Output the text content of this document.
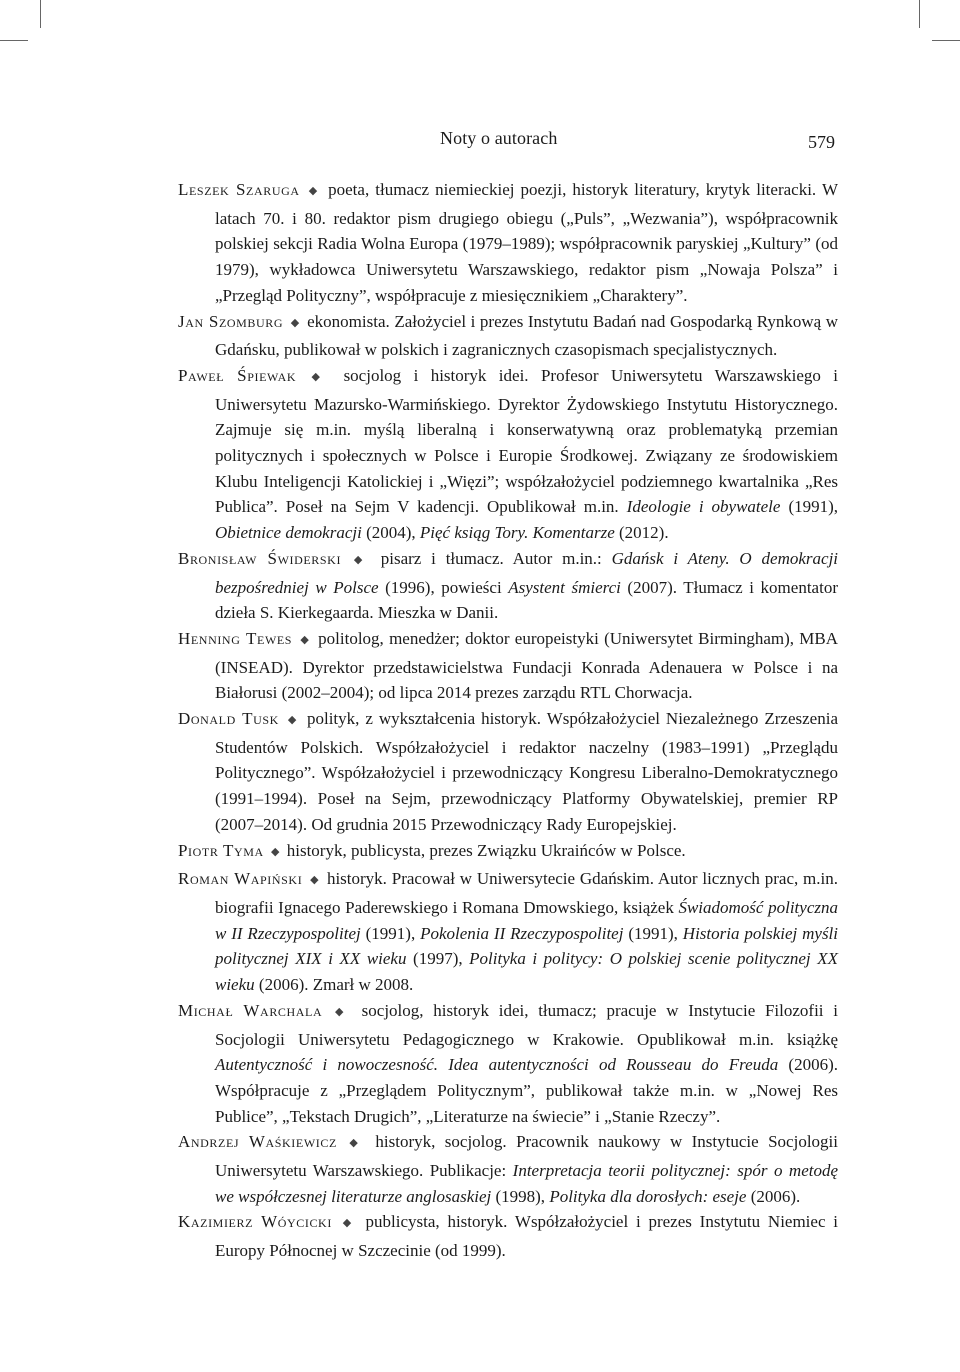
Noty o autorach	579
Leszek Szaruga ◆ poeta, tłumacz niemieckiej poezji, historyk literatury, krytyk literacki. W latach 70. i 80. redaktor pism drugiego obiegu („Puls”, „Wezwania”), współpracownik polskiej sekcji Radia Wolna Europa (1979–1989); współpracownik paryskiej „Kultury” (od 1979), wykładowca Uniwersytetu Warszawskiego, redaktor pism „Nowaja Polsza” i „Przegląd Polityczny”, współpracuje z miesięcznikiem „Charaktery”.
Jan Szomburg ◆ ekonomista. Założyciel i prezes Instytutu Badań nad Gospodarką Rynkową w Gdańsku, publikował w polskich i zagranicznych czasopismach specjalistycznych.
Paweł Śpiewak ◆ socjolog i historyk idei. Profesor Uniwersytetu Warszawskiego i Uniwersytetu Mazursko-Warmińskiego. Dyrektor Żydowskiego Instytutu Historycznego. Zajmuje się m.in. myślą liberalną i konserwatywną oraz problematyką przemian politycznych i społecznych w Polsce i Europie Środkowej. Związany ze środowiskiem Klubu Inteligencji Katolickiej i „Więzi”; współzałożyciel podziemnego kwartalnika „Res Publica”. Poseł na Sejm V kadencji. Opublikował m.in. Ideologie i obywatele (1991), Obietnice demokracji (2004), Pięć ksiąg Tory. Komentarze (2012).
Bronisław Świderski ◆ pisarz i tłumacz. Autor m.in.: Gdańsk i Ateny. O demokracji bezpośredniej w Polsce (1996), powieści Asystent śmierci (2007). Tłumacz i komentator dzieła S. Kierkegaarda. Mieszka w Danii.
Henning Tewes ◆ politolog, menedżer; doktor europeistyki (Uniwersytet Birmingham), MBA (INSEAD). Dyrektor przedstawicielstwa Fundacji Konrada Adenauera w Polsce i na Białorusi (2002–2004); od lipca 2014 prezes zarządu RTL Chorwacja.
Donald Tusk ◆ polityk, z wykształcenia historyk. Współzałożyciel Niezależnego Zrzeszenia Studentów Polskich. Współzałożyciel i redaktor naczelny (1983–1991) „Przeglądu Politycznego”. Współzałożyciel i przewodniczący Kongresu Liberalno-Demokratycznego (1991–1994). Poseł na Sejm, przewodniczący Platformy Obywatelskiej, premier RP (2007–2014). Od grudnia 2015 Przewodniczący Rady Europejskiej.
Piotr Tyma ◆ historyk, publicysta, prezes Związku Ukraińców w Polsce.
Roman Wapiński ◆ historyk. Pracował w Uniwersytecie Gdańskim. Autor licznych prac, m.in. biografii Ignacego Paderewskiego i Romana Dmowskiego, książek Świadomość polityczna w II Rzeczypospolitej (1991), Pokolenia II Rzeczypospolitej (1991), Historia polskiej myśli politycznej XIX i XX wieku (1997), Polityka i politycy: O polskiej scenie politycznej XX wieku (2006). Zmarł w 2008.
Michał Warchala ◆ socjolog, historyk idei, tłumacz; pracuje w Instytucie Filozofii i Socjologii Uniwersytetu Pedagogicznego w Krakowie. Opublikował m.in. książkę Autentyczność i nowoczesność. Idea autentyczności od Rousseau do Freuda (2006). Współpracuje z „Przeglądem Politycznym”, publikował także m.in. w „Nowej Res Publice”, „Tekstach Drugich”, „Literaturze na świecie” i „Stanie Rzeczy”.
Andrzej Waśkiewicz ◆ historyk, socjolog. Pracownik naukowy w Instytucie Socjologii Uniwersytetu Warszawskiego. Publikacje: Interpretacja teorii politycznej: spór o metodę we współczesnej literaturze anglosaskiej (1998), Polityka dla dorosłych: eseje (2006).
Kazimierz Wóycicki ◆ publicysta, historyk. Współzałożyciel i prezes Instytutu Niemiec i Europy Północnej w Szczecinie (od 1999).
